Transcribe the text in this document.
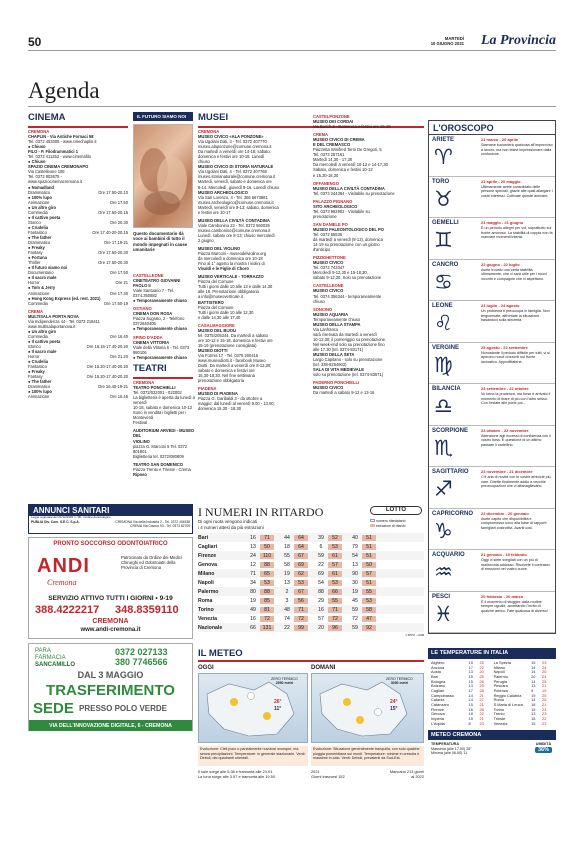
50	MARTEDÌ
10 GIUGNO 2021 La Provincia
Agenda
CINEMA
CREMONA
CHAPLIN - Via Antiche Fornaci 58
Tel. 0372 453005 - www.cinechaplin.it
● Chiuso
FILO - P. Filodrammatici 1
Tel. 0372 411252 - www.cinemafilo
● Chiuso
SPAZIO CINEMA CREMONAPO
Via Castelleone 108
Tel. 0372 803675 -
www.spaziocinemacremona.it
● Nomadland
Drammatico	Ore 17.50-20.10
● 100% lupo
Animazione	Ore 17.50
● Un altro giro
Commedia	Ore 17.50-20.15
● Il cattivo poeta
Storico	Ore 20.30
● Crudelia
Fantastico	Ore 17.40-20-20.15
● The father
Drammatico	Ore 17.19-21
● Freaky
Fantasy	Ore 17.50-20.30
● Fortuna
Thriller	Ore 17.50-20.30
● Il futuro siamo noi
Documentario	Ore 17.50
● Il sacro male
Horror	Ore 21
● Tom & Jerry
Animazione	Ore 17.30
● Hong Kong Express (ed. rest. 2021)
Commedia	Ore 17.50-19
CREMA
MULTISALA PORTA NOVA
Via Indipendenza 44 - Tel. 0373 218411
www.multisalaportanova.it
● Un altro giro
Commedia	Ore 16.40
● Il cattivo poeta
Storico	Ore 15.15-17.40-20.20
● Il sacro male
Horror	Ore 21.20
● Crudelia
Fantastico	Ore 15.20-17.40-20.20
● Freaky
Fantasy	Ore 15.20-17.40-20.20
● The father
Drammatico	Ore 16.40-19-21
● 100% lupo
Animazione	Ore 16.45
IL FUTURO SIAMO NOI
Questo documentario dà voce ai bambini di tutto il mondo impegnati in cause umanitarie
CASTELLEONE
CINETEATRO GIOVANNI PAOLO II
Viale Santuario 7 - Tel. 0374.350882
● Temporaneamente chiuso
OSTIANO
CINEMA DON ROSA
Piazza Sugrato, 2 - Telefono 0372840405
● Temporaneamente chiuso
SPINO D'ADDA
CINEMA VITTORIA
Viale della Vittoria 6 - Tel. 0373 980106
● Temporaneamente chiuso
TEATRI
CREMONA
TEATRO PONCHIELLI
Tel. 0372/022001 - 022002
La biglietteria è aperta da lunedì a venerdì
10-18, sabato e domenica 10-13
Sono in vendita i biglietti per i Monteverdi
Festival
AUDITORIUM ARVEDI - MUSEO DEL
VIOLINO
piazza G. Marconi 5 Tel. 0372 801801
Biglietteria tel. 0372/080809
TEATRO SAN DOMENICO
Piazza Trento e Trieste - Crema
Riposo
MUSEI
CREMONA
MUSEO CIVICO «ALA PONZONE»
Via Ugolani Dati, 4 - Tel. 0372 407770
museo.alaponzone@comune.cremona.it
Da martedì a venerdì ore 14-18; sabato,
domenica e festivi ore 10-18. Lunedì
chiuso
MUSEO CIVICO DI STORIA NATURALE
Via Ugolani Dati, 4 - Tel. 0372 407768
museo.storianaturale@comune.cremona.it
Martedì, venerdì, sabato e domenica ore
9-14. Mercoledì, giovedì 9-16. Lunedì chiuso
MUSEO ARCHEOLOGICO
Via San Lorenzo, 4 - Tel. 366 6673881
museo.archeologico@comune.cremona.it
Martedì, venerdì ore 9-13; sabato, domenica
e festivi ore 10-17
MUSEO DELLA CIVILTÀ CONTADINA
Viale Cambonino 22 - Tel. 0372 560025
museo.cambonino@comune.cremona.it
Lunedì, sabato ore 8-13; chiuso mercoledì
2 giugno
MUSEO DEL VIOLINO
Piazza Marconi - museodelviolino.org
da mercoledì a domenica ore 10-18
Fino al 1° agosto la mostra I violini di
Vivaldi e le Figlie di Choro
MUSEO VERTICALE - TORRAZZO
Piazza del Comune
Tutti i giorni dalle 10 alle 13 e dalle 14,30
alle 18. Prenotazione obbligatoria
a info@museoverticale.it
BATTISTERO
Piazza del Comune
Tutti i giorni dalle 10 alle 12,30
e dalle 14,30 alle 17,40
CASALMAGGIORE
MUSEO DEL BIJOU
tel. 0375/205344. Da martedì a sabato
ore 10-12 e 15-18, domenica e festivi ore
15-19 (prenotazione consigliata)
MUSEO DIOTTI
Via Formis 17 - Tel. 0375 200416
www.museodiotti.it - facebook Museo
Diotti. Da martedì a venerdì ore 8-12,30;
sabato e domenica e festivi ore
15,30-18,30. Nel fine settimana
prenotazione obbligatoria
PIADENA
MUSEO DI PIADENA
Piazza G. Garibaldi 3 - da ottobre a
maggio: dal lunedì al venerdì 9.00 - 13.00;
domenica 15.30 - 18.30
CASTELPONZONE
MUSEO DEI CORDAI
Via Bosch 9 - Domenica e festivi ore 15-19
CREMA
MUSEO CIVICO DI CREMA
E DEL CREMASCO
Piazzetta Winifred Terni De Gregori, 5
Tel. 0373 257161
Martedì 14,30 - 17,30
Da mercoledì a venerdì 10-12 e 14-17,30
Sabato, domenica e festivi 10-12
e 15,30-18,30
OFFANENGO
MUSEO DELLA CIVILTÀ CONTADINA
Tel. 0373 244384 - Visitabile su prenotazione
PALAZZO PIGNANO
SITO ARCHEOLOGICO
Tel. 0373 982902 - Visitabile su
prenotazione
SAN DANIELE PO
MUSEO PALEONTOLOGICO DEL PO
Tel. 0372 65536
da martedì a venerdì (8-13), domenica
14-19 su prenotazione con un giorno
d'anticipo
PIZZIGHETTONE
MUSEO CIVICO
Tel. 0372 743347
Mercoledì 9-12,30 e 15-18,30,
sabato 9-12,30. Solo su prenotazione
CASTELLEONE
MUSEO CIVICO
Tel. 0374 356344 - temporaneamente
chiuso
SONCINO
MUSEO AQUARIA
Temporaneamente chiuso
MUSEO DELLA STAMPA
Via Lanfranco
sarà riservata da martedì a venerdì
10-12,30; il pomeriggio su prenotazione.
Nel week-end solo su prenotazione fino
alle 17.30 (tel. 0374-83171)
MUSEO DELLA SETA
Largo Capitano - solo su prenotazione
(tel. 338-8254902)
SALA DI VITA MEDIEVALE
solo su prenotazione (tel. 0374-83671)
PADERNO PONCHIELLI
MUSEO CIVICO
Da martedì a sabato 9-12 e 13-16
L'OROSCOPO
ARIETE	21 marzo - 20 aprile
♈	Stamane succederà qualcosa all'improvviso a lavoro, ma non fatevi impressionare dalla confusione.
TORO	21 aprile - 20 maggio
♉	Ultimamente avete consolidato delle persone speciali, grazie alle quali allargare i vostri interessi. Coltivate queste amicizie.
GEMELLI	21 maggio - 21 giugno
♊	È un periodo allegro per voi, soprattutto sul fronte amoroso. La stabilità di coppia non fa mancare momenti intensi.
CANCRO	22 giugno - 22 luglio
♋	Avete trovato una certa stabilità ultimamente, che vi sarà utile per i nuovi incontri e compagnie che vi aspettano.
LEONE	23 luglio - 24 agosto
♌	Un problema ti preoccupa in famiglia. Non tergiversate, affrontate la situazione basandovi sulla sincerità.
VERGINE	25 agosto - 22 settembre
♍	Nonostante il periodo difficile per tutti, vi si aprirono nuovi orizzonti sul fronte lavorativo. Approfittatene.
BILANCIA	23 settembre - 22 ottobre
♎	Vo bene la prudenza, ma forse è arrivato il momento di tirare di più con l'altro sesso. Con l'estate alle porte poi...
SCORPIONE	23 ottobre - 22 novembre
♏	Attenzione agli eccessi di confidenza con il vostro boss. E questione di un attimo passare il cartellino.
SAGITTARIO	23 novembre - 21 dicembre
♐	C'è aria di novità con le vostre amicizie più care. Dirette finalmente addio a vecchie preoccupazioni che vi attanagliavano.
CAPRICORNO 22 dicembre - 20 gennaio
♑	Avete capito che disponibilità e compromesso sono alla base di rapporti famigliari costruttivi. Avanti così.
ACQUARIO	21 gennaio - 19 febbraio
♒	Oggi vi siete svegliati con un più di malinconia addosso. Risolvete il contrasto di emozioni nel vostro cuore.
PESCI	20 febbraio - 20 marzo
♓	È il momento di sfuggire dalla routine sempre uguale, accettando l'invito di qualche amico. Fate qualcosa di diverso!
ANNUNCI SANITARI
Legge regionale del 21/12/1994 n. 38 - Codice deontologico
PUBLIA Div. Com. S.E.C. S.p.A.	CREMONA Via della Industria 2 - Tel. 0372 404538
CREMA Via Cavour 53 - Tel. 0373 82709
PRONTO SOCCORSO ODONTOIATRICO
ANDI
Cremona
Patrocinato da Ordine dei Medici Chirurghi ed Odontoiatri della Provincia di Cremona
SERVIZIO ATTIVO TUTTI I GIORNI • 9-19
388.4222217 348.8359110
CREMONA
www.andi-cremona.it
PARA
FARMACIA
SANCAMILLO
0372 027133
380 7746566
DAL 3 MAGGIO
TRASFERIMENTO
SEDE PRESSO POLO VERDE
VIA DELL'INNOVAZIONE DIGITALE, 6 - CREMONA
I NUMERI IN RITARDO
Di ogni ruota vengono indicati
i 4 numeri attesi da più estrazioni
LOTTO
numero ritardatario
estrazioni di ritardo
Bari	16	71	44	64	39	52	40	51
Cagliari	13	50	18	64	6	53	79	51
Firenze	24	110	55	67	59	61	54	51
Genova	12	88	58	69	22	57	13	50
Milano	71	65	19	62	69	61	90	57
Napoli	34	53	13	53	54	53	30	51
Palermo	80	88	2	67	88	66	19	55
Roma	19	85	3	56	29	55	45	53
Torino	49	81	48	71	16	71	59	58
Venezia	16	72	74	72	57	72	72	47
Nazionale	66	131	22	99	20	96	59	92
L'IPPO - HUB
IL METEO
OGGI	DOMANI
ZERO TERMICO
2950 metri
26°
11°
ZERO TERMICO
3050 metri
24°
15°
Evoluzione: Cieli poco o parzialmente nuvolosi ovunque, ma senza precipitazioni. Temperature: in generale stazionarie. Venti: Deboli, dai quadranti orientali.
Evoluzione: Situazione generalmente tranquilla, con solo qualche pioggia pomeridiana sui monti. Temperature: minime in crescita e massime in calo. Venti: Deboli, prevalenti da Sud-Est.
Il sole sorge alle 5.36 e tramonta alle 21.01
La luna sorge alle 3.57 e tramonta alle 19.50
2021
Giorni trascorsi 152
Mancano 213 giorni
al 2022
LE TEMPERATURE IN ITALIA
Alghero	15	25	La Spezia	15	23
Ancona	17	22	Milano	14	24
Aosta	13	20	Napoli	14	25
Bari	15	25	Palermo	20	24
Bologna	15	26	Perugia	14	25
Bolzano	13	25	Pescara	13	21
Cagliari	17	28	Potenza	9	19
Campobasso	14	21	Reggio Calabria	19	25
Catania	14	27	Roma	14	25
Catanzaro	15	21	S.Maria di Leuca	18	21
Firenze	16	28	Torino	15	23
Genova	18	22	Trento	13	23
Imperia	15	21	Trieste	18	22
L'Aquila	8	23	Venezia	15	23
METEO CREMONA
TEMPERATURA
Massima (alle 17.00) 26°
Minima (alle 06.00) 11
UMIDITÀ
36%
